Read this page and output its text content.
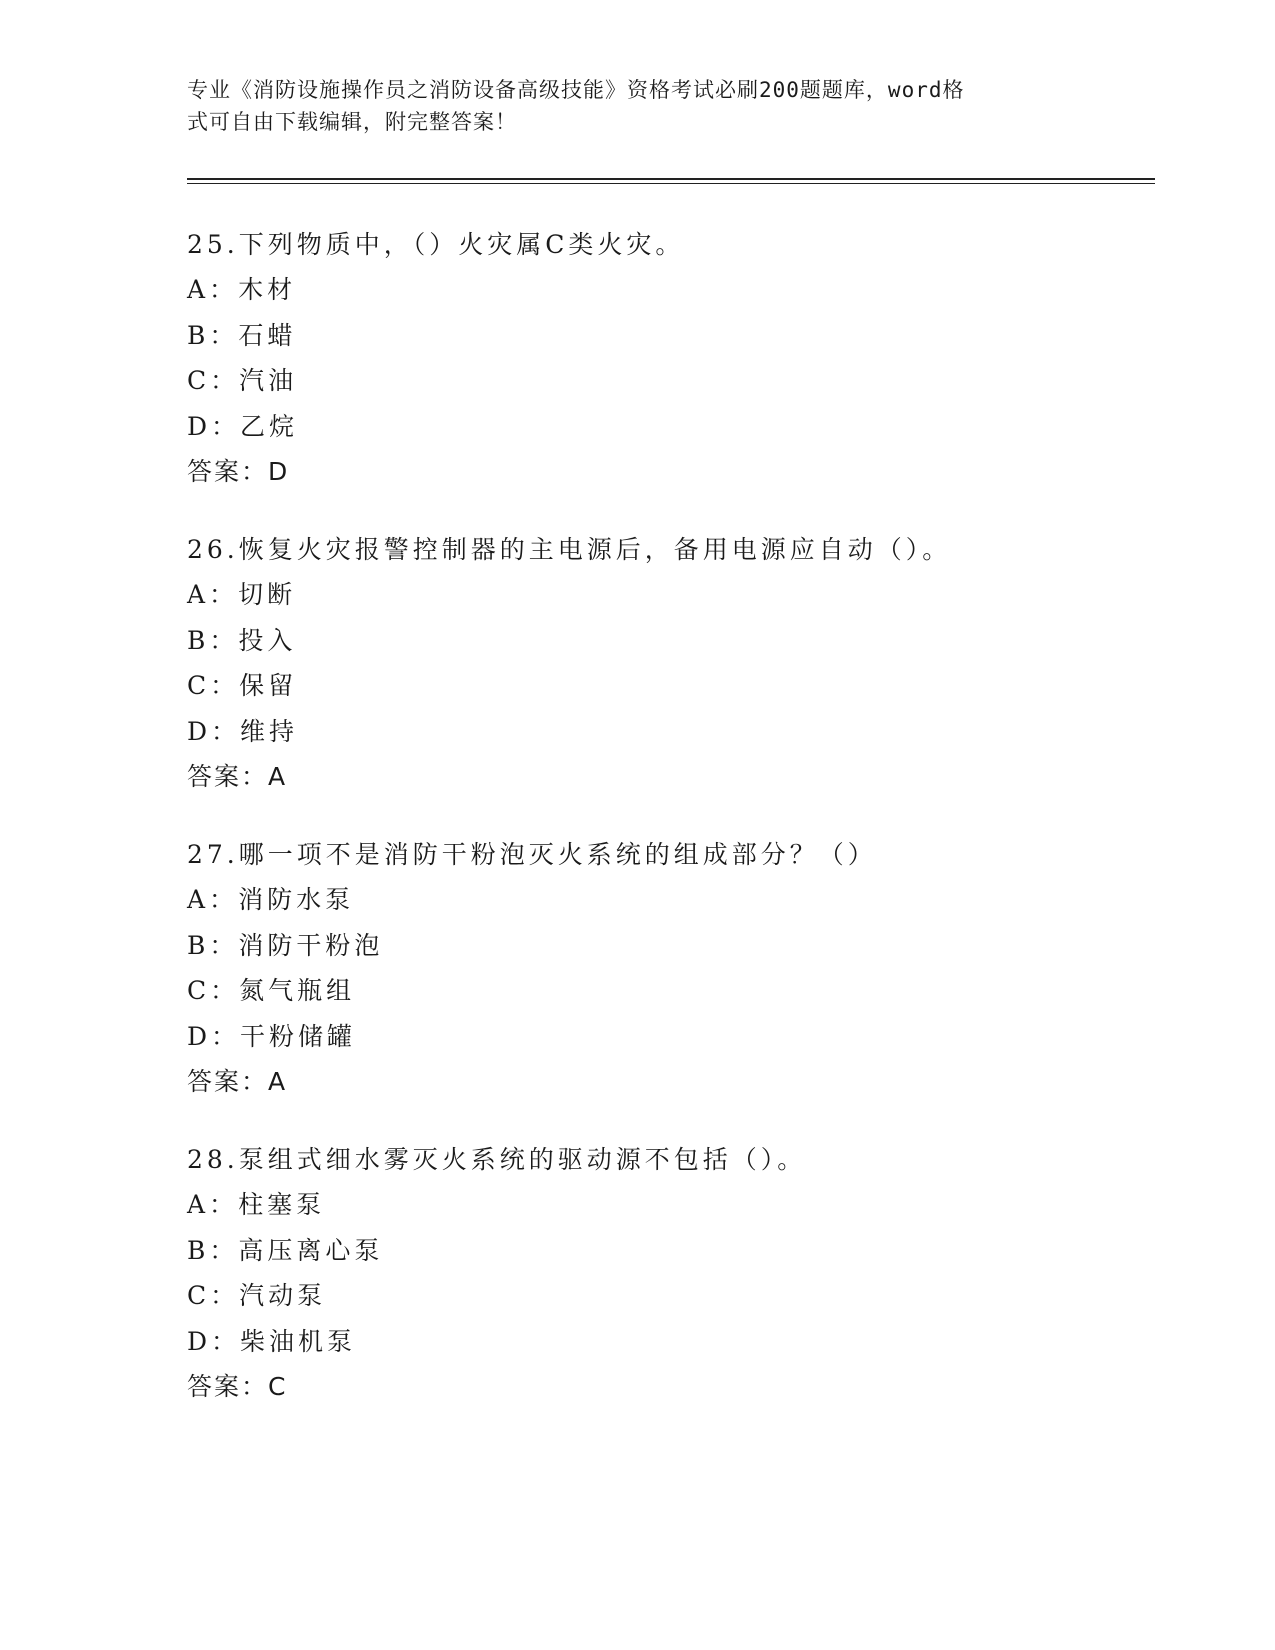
专业《消防设施操作员之消防设备高级技能》资格考试必刷200题题库，word格
式可自由下载编辑，附完整答案！
25.下列物质中，（）火灾属C类火灾。
A：木材
B：石蜡
C：汽油
D：乙烷
答案：D
26.恢复火灾报警控制器的主电源后，备用电源应自动（）。
A：切断
B：投入
C：保留
D：维持
答案：A
27.哪一项不是消防干粉泡灭火系统的组成部分？（）
A：消防水泵
B：消防干粉泡
C：氮气瓶组
D：干粉储罐
答案：A
28.泵组式细水雾灭火系统的驱动源不包括（）。
A：柱塞泵
B：高压离心泵
C：汽动泵
D：柴油机泵
答案：C
